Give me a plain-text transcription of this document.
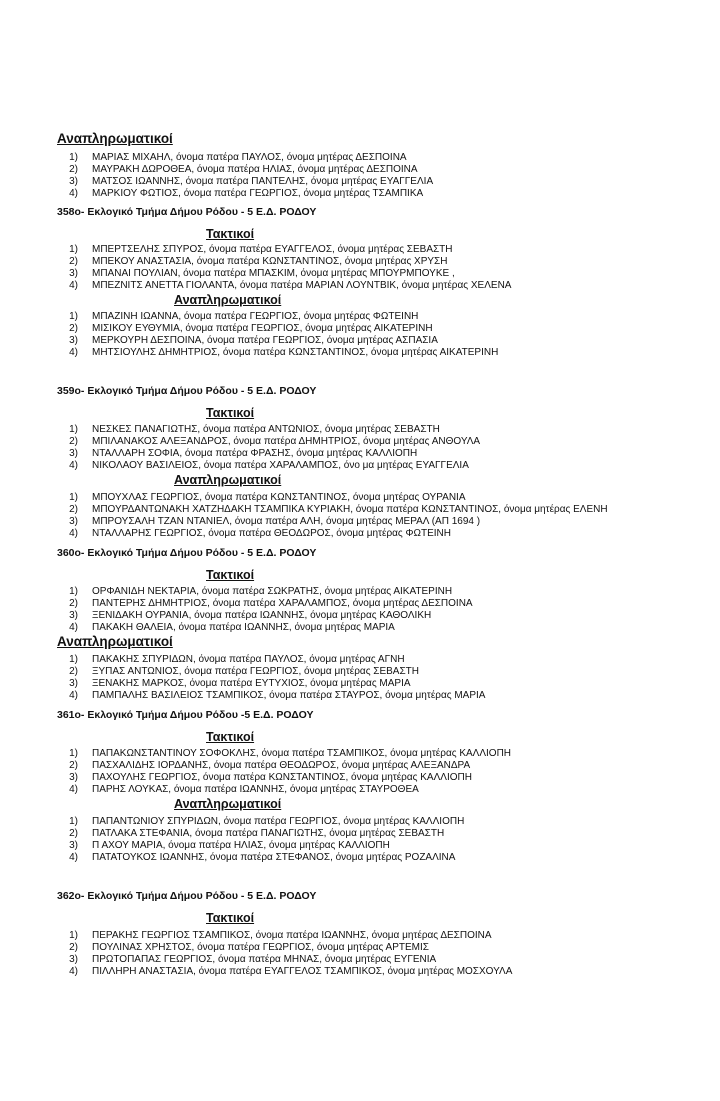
Αναπληρωματικοί
1) ΜΑΡΙΑΣ ΜΙΧΑΗΛ, όνομα πατέρα ΠΑΥΛΟΣ, όνομα μητέρας ΔΕΣΠΟΙΝΑ
2) ΜΑΥΡΑΚΗ ΔΩΡΟΘΕΑ, όνομα πατέρα ΗΛΙΑΣ, όνομα μητέρας ΔΕΣΠΟΙΝΑ
3) ΜΑΤΣΟΣ ΙΩΑΝΝΗΣ, όνομα πατέρα ΠΑΝΤΕΛΗΣ, όνομα μητέρας ΕΥΑΓΓΕΛΙΑ
4) ΜΑΡΚΙΟΥ ΦΩΤΙΟΣ, όνομα πατέρα ΓΕΩΡΓΙΟΣ, όνομα μητέρας ΤΣΑΜΠΙΚΑ
358ο- Εκλογικό Τμήμα Δήμου Ρόδου - 5 Ε.Δ. ΡΟΔΟΥ
Τακτικοί
1) ΜΠΕΡΤΣΕΛΗΣ ΣΠΥΡΟΣ, όνομα πατέρα ΕΥΑΓΓΕΛΟΣ, όνομα μητέρας ΣΕΒΑΣΤΗ
2) ΜΠΕΚΟΥ ΑΝΑΣΤΑΣΙΑ, όνομα πατέρα ΚΩΝΣΤΑΝΤΙΝΟΣ, όνομα μητέρας ΧΡΥΣΗ
3) ΜΠΑΝΑΙ ΠΟΥΛΙΑΝ, όνομα πατέρα ΜΠΑΣΚΙΜ, όνομα μητέρας ΜΠΟΥΡΜΠΟΥΚΕ ,
4) ΜΠΕΖΝΙΤΣ ΑΝΕΤΤΑ ΓΙΟΛΑΝΤΑ, όνομα πατέρα ΜΑΡΙΑΝ ΛΟΥΝΤΒΙΚ, όνομα μητέρας ΧΕΛΕΝΑ
Αναπληρωματικοί
1) ΜΠΑΖΙΝΗ ΙΩΑΝΝΑ, όνομα πατέρα ΓΕΩΡΓΙΟΣ, όνομα μητέρας ΦΩΤΕΙΝΗ
2) ΜΙΣΙΚΟΥ ΕΥΘΥΜΙΑ, όνομα πατέρα ΓΕΩΡΓΙΟΣ, όνομα μητέρας ΑΙΚΑΤΕΡΙΝΗ
3) ΜΕΡΚΟΥΡΗ ΔΕΣΠΟΙΝΑ, όνομα πατέρα ΓΕΩΡΓΙΟΣ, όνομα μητέρας ΑΣΠΑΣΙΑ
4) ΜΗΤΣΙΟΥΛΗΣ ΔΗΜΗΤΡΙΟΣ, όνομα πατέρα ΚΩΝΣΤΑΝΤΙΝΟΣ, όνομα μητέρας ΑΙΚΑΤΕΡΙΝΗ
359ο- Εκλογικό Τμήμα Δήμου Ρόδου - 5 Ε.Δ. ΡΟΔΟΥ
Τακτικοί
1) ΝΕΣΚΕΣ ΠΑΝΑΓΙΩΤΗΣ, όνομα πατέρα ΑΝΤΩΝΙΟΣ, όνομα μητέρας ΣΕΒΑΣΤΗ
2) ΜΠΙΛΑΝΑΚΟΣ ΑΛΕΞΑΝΔΡΟΣ, όνομα πατέρα ΔΗΜΗΤΡΙΟΣ, όνομα μητέρας ΑΝΘΟΥΛΑ
3) ΝΤΑΛΛΑΡΗ ΣΟΦΙΑ, όνομα πατέρα ΦΡΑΣΗΣ, όνομα μητέρας ΚΑΛΛΙΟΠΗ
4) ΝΙΚΟΛΑΟΥ ΒΑΣΙΛΕΙΟΣ, όνομα πατέρα ΧΑΡΑΛΑΜΠΟΣ, όνο μα μητέρας ΕΥΑΓΓΕΛΙΑ
Αναπληρωματικοί
1) ΜΠΟΥΧΛΑΣ ΓΕΩΡΓΙΟΣ, όνομα πατέρα ΚΩΝΣΤΑΝΤΙΝΟΣ, όνομα μητέρας ΟΥΡΑΝΙΑ
2) ΜΠΟΥΡΔΑΝΤΩΝΑΚΗ ΧΑΤΖΗΔΑΚΗ ΤΣΑΜΠΙΚΑ ΚΥΡΙΑΚΗ, όνομα πατέρα ΚΩΝΣΤΑΝΤΙΝΟΣ, όνομα μητέρας ΕΛΕΝΗ
3) ΜΠΡΟΥΣΑΛΗ ΤΖΑΝ ΝΤΑΝΙΕΛ, όνομα πατέρα ΑΛΗ, όνομα μητέρας ΜΕΡΑΛ (ΑΠ 1694 )
4) ΝΤΑΛΛΑΡΗΣ ΓΕΩΡΓΙΟΣ, όνομα πατέρα ΘΕΟΔΩΡΟΣ, όνομα μητέρας ΦΩΤΕΙΝΗ
360ο- Εκλογικό Τμήμα Δήμου Ρόδου - 5 Ε.Δ. ΡΟΔΟΥ
Τακτικοί
1) ΟΡΦΑΝΙΔΗ ΝΕΚΤΑΡΙΑ, όνομα πατέρα ΣΩΚΡΑΤΗΣ, όνομα μητέρας ΑΙΚΑΤΕΡΙΝΗ
2) ΠΑΝΤΕΡΗΣ ΔΗΜΗΤΡΙΟΣ, όνομα πατέρα ΧΑΡΑΛΑΜΠΟΣ, όνομα μητέρας ΔΕΣΠΟΙΝΑ
3) ΞΕΝΙΔΑΚΗ ΟΥΡΑΝΙΑ, όνομα πατέρα ΙΩΑΝΝΗΣ, όνομα μητέρας ΚΑΘΟΛΙΚΗ
4) ΠΑΚΑΚΗ ΘΑΛΕΙΑ, όνομα πατέρα ΙΩΑΝΝΗΣ, όνομα μητέρας ΜΑΡΙΑ
Αναπληρωματικοί
1) ΠΑΚΑΚΗΣ ΣΠΥΡΙΔΩΝ, όνομα πατέρα ΠΑΥΛΟΣ, όνομα μητέρας ΑΓΝΗ
2) ΞΥΠΑΣ ΑΝΤΩΝΙΟΣ, όνομα πατέρα ΓΕΩΡΓΙΟΣ, όνομα μητέρας ΣΕΒΑΣΤΗ
3) ΞΕΝΑΚΗΣ ΜΑΡΚΟΣ, όνομα πατέρα ΕΥΤΥΧΙΟΣ, όνομα μητέρας ΜΑΡΙΑ
4) ΠΑΜΠΑΛΗΣ ΒΑΣΙΛΕΙΟΣ ΤΣΑΜΠΙΚΟΣ, όνομα πατέρα ΣΤΑΥΡΟΣ, όνομα μητέρας ΜΑΡΙΑ
361ο- Εκλογικό Τμήμα Δήμου Ρόδου -5 Ε.Δ. ΡΟΔΟΥ
Τακτικοί
1) ΠΑΠΑΚΩΝΣΤΑΝΤΙΝΟΥ ΣΟΦΟΚΛΗΣ, όνομα πατέρα ΤΣΑΜΠΙΚΟΣ, όνομα μητέρας ΚΑΛΛΙΟΠΗ
2) ΠΑΣΧΑΛΙΔΗΣ ΙΟΡΔΑΝΗΣ, όνομα πατέρα ΘΕΟΔΩΡΟΣ, όνομα μητέρας ΑΛΕΞΑΝΔΡΑ
3) ΠΑΧΟΥΛΗΣ ΓΕΩΡΓΙΟΣ, όνομα πατέρα ΚΩΝΣΤΑΝΤΙΝΟΣ, όνομα μητέρας ΚΑΛΛΙΟΠΗ
4) ΠΑΡΗΣ ΛΟΥΚΑΣ, όνομα πατέρα ΙΩΑΝΝΗΣ, όνομα μητέρας ΣΤΑΥΡΟΘΕΑ
Αναπληρωματικοί
1) ΠΑΠΑΝΤΩΝΙΟΥ ΣΠΥΡΙΔΩΝ, όνομα πατέρα ΓΕΩΡΓΙΟΣ, όνομα μητέρας ΚΑΛΛΙΟΠΗ
2) ΠΑΤΛΑΚΑ ΣΤΕΦΑΝΙΑ, όνομα πατέρα ΠΑΝΑΓΙΩΤΗΣ, όνομα μητέρας ΣΕΒΑΣΤΗ
3) Π ΑΧΟΥ ΜΑΡΙΑ, όνομα πατέρα ΗΛΙΑΣ, όνομα μητέρας ΚΑΛΛΙΟΠΗ
4) ΠΑΤΑΤΟΥΚΟΣ ΙΩΑΝΝΗΣ, όνομα πατέρα ΣΤΕΦΑΝΟΣ, όνομα μητέρας ΡΟΖΑΛΙΝΑ
362ο- Εκλογικό Τμήμα Δήμου Ρόδου - 5 Ε.Δ. ΡΟΔΟΥ
Τακτικοί
1) ΠΕΡΑΚΗΣ ΓΕΩΡΓΙΟΣ ΤΣΑΜΠΙΚΟΣ, όνομα πατέρα ΙΩΑΝΝΗΣ, όνομα μητέρας ΔΕΣΠΟΙΝΑ
2) ΠΟΥΛΙΝΑΣ ΧΡΗΣΤΟΣ, όνομα πατέρα ΓΕΩΡΓΙΟΣ, όνομα μητέρας ΑΡΤΕΜΙΣ
3) ΠΡΩΤΟΠΑΠΑΣ ΓΕΩΡΓΙΟΣ, όνομα πατέρα ΜΗΝΑΣ, όνομα μητέρας ΕΥΓΕΝΙΑ
4) ΠΙΛΛΗΡΗ ΑΝΑΣΤΑΣΙΑ, όνομα πατέρα ΕΥΑΓΓΕΛΟΣ ΤΣΑΜΠΙΚΟΣ, όνομα μητέρας ΜΟΣΧΟΥΛΑ
